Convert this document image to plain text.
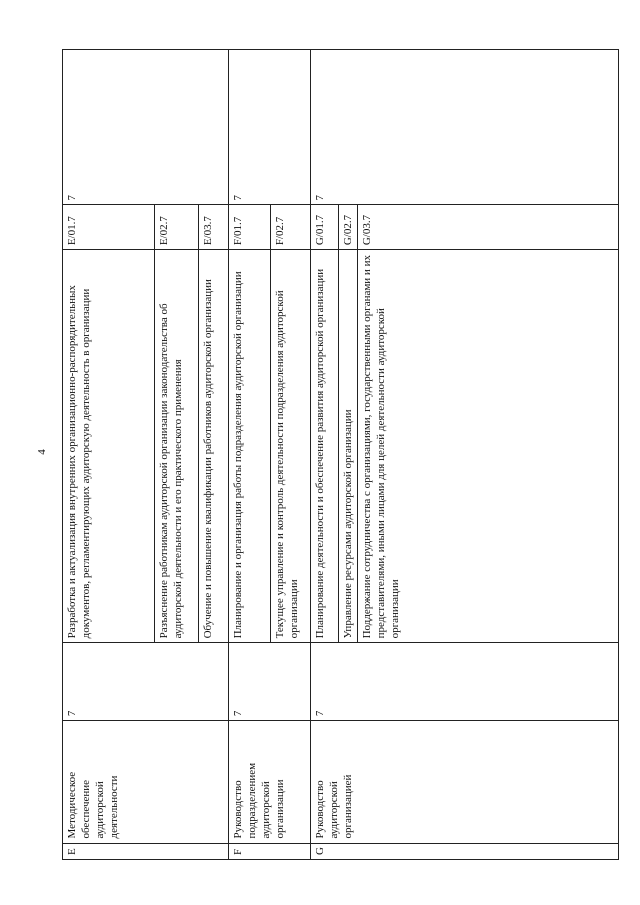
4
E	Методическое обеспечение аудиторской деятельности	7	Разработка и актуализация внутренних организационно-распорядительных документов, регламентирующих аудиторскую деятельность в организации	E/01.7	7
			Разъяснение работникам аудиторской организации законодательства об аудиторской деятельности и его практического применения	E/02.7	
			Обучение и повышение квалификации работников аудиторской организации	E/03.7	
F	Руководство подразделением аудиторской организации	7	Планирование и организация работы подразделения аудиторской организации	F/01.7	7
			Текущее управление и контроль деятельности подразделения аудиторской организации	F/02.7	
G	Руководство аудиторской организацией	7	Планирование деятельности и обеспечение развития аудиторской организации	G/01.7	7
			Управление ресурсами аудиторской организации	G/02.7	
			Поддержание сотрудничества с организациями, государственными органами и их представителями, иными лицами для целей деятельности аудиторской организации	G/03.7	
